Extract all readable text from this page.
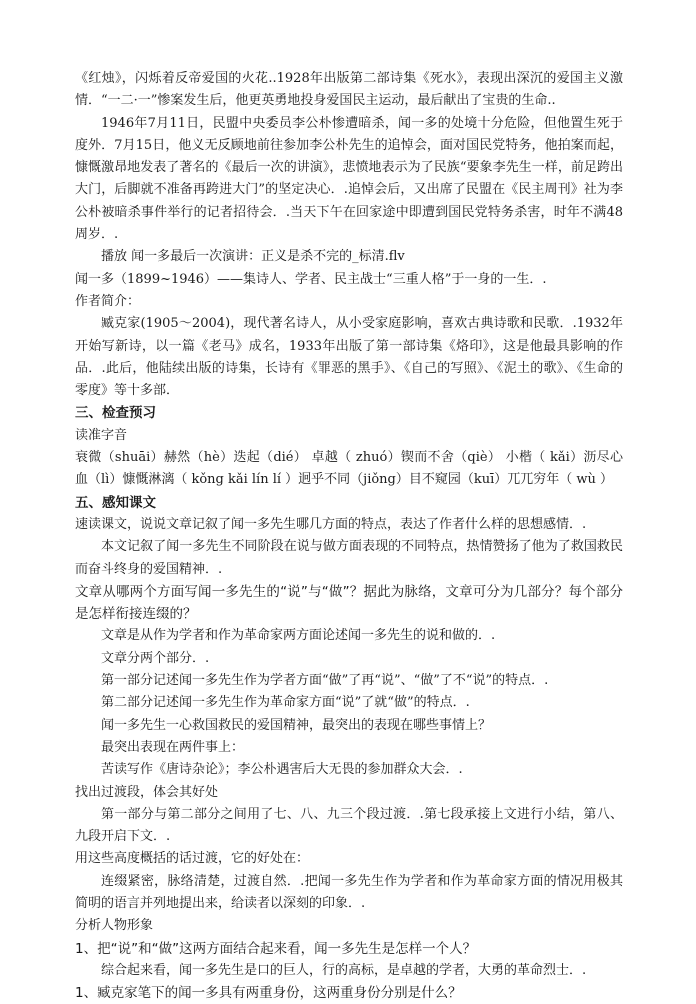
《红烛》，闪烁着反帝爱国的火花..1928年出版第二部诗集《死水》，表现出深沉的爱国主义激情．“一二·一”惨案发生后，他更英勇地投身爱国民主运动，最后献出了宝贵的生命..

1946年7月11日，民盟中央委员李公朴惨遭暗杀，闻一多的处境十分危险，但他置生死于度外．7月15日，他义无反顾地前往参加李公朴先生的追悼会，面对国民党特务，他拍案而起，慷慨激昂地发表了著名的《最后一次的讲演》，悲愤地表示为了民族“要象李先生一样，前足跨出大门，后脚就不准备再跨进大门”的坚定决心．.追悼会后，又出席了民盟在《民主周刊》社为李公朴被暗杀事件举行的记者招待会．.当天下午在回家途中即遭到国民党特务杀害，时年不满48周岁．.

播放 闻一多最后一次演讲：正义是杀不完的_标清.flv

闻一多（1899~1946）——集诗人、学者、民主战士“三重人格”于一身的一生．.

作者简介：

臧克家(1905～2004)，现代著名诗人，从小受家庭影响，喜欢古典诗歌和民歌．.1932年开始写新诗，以一篇《老马》成名，1933年出版了第一部诗集《烙印》，这是他最具影响的作品．.此后，他陆续出版的诗集，长诗有《罪恶的黑手》、《自己的写照》、《泥土的歌》、《生命的零度》等十多部．

三、检查预习

读准字音

衰微（shuāi）赫然（hè）迭起（dié） 卓越（ zhuó）锲而不舍（qiè） 小楷（ kǎi）沥尽心血（lì）慷慨淋漓（ kǒng kǎi lín lí ）迥乎不同（jiǒng）目不窥园（kuī）兀兀穷年（ wù ）

五、感知课文

速读课文，说说文章记叙了闻一多先生哪几方面的特点，表达了作者什么样的思想感情．.

本文记叙了闻一多先生不同阶段在说与做方面表现的不同特点，热情赞扬了他为了救国救民而奋斗终身的爱国精神．.

文章从哪两个方面写闻一多先生的“说”与“做”？据此为脉络，文章可分为几部分？每个部分是怎样衔接连缀的？

文章是从作为学者和作为革命家两方面论述闻一多先生的说和做的．.

文章分两个部分．.

第一部分记述闻一多先生作为学者方面“做”了再“说”、“做”了不“说”的特点．.

第二部分记述闻一多先生作为革命家方面“说”了就“做”的特点．.

闻一多先生一心救国救民的爱国精神，最突出的表现在哪些事情上？

最突出表现在两件事上：

苦读写作《唐诗杂论》；李公朴遇害后大无畏的参加群众大会．.

找出过渡段，体会其好处

第一部分与第二部分之间用了七、八、九三个段过渡．.第七段承接上文进行小结，第八、九段开启下文．.

用这些高度概括的话过渡，它的好处在：

连缀紧密，脉络清楚，过渡自然．.把闻一多先生作为学者和作为革命家方面的情况用极其简明的语言并列地提出来，给读者以深刻的印象．.

分析人物形象

1、把“说”和“做”这两方面结合起来看，闻一多先生是怎样一个人？

综合起来看，闻一多先生是口的巨人，行的高标，是卓越的学者，大勇的革命烈士．.

1、臧克家笔下的闻一多具有两重身份，这两重身份分别是什么？
